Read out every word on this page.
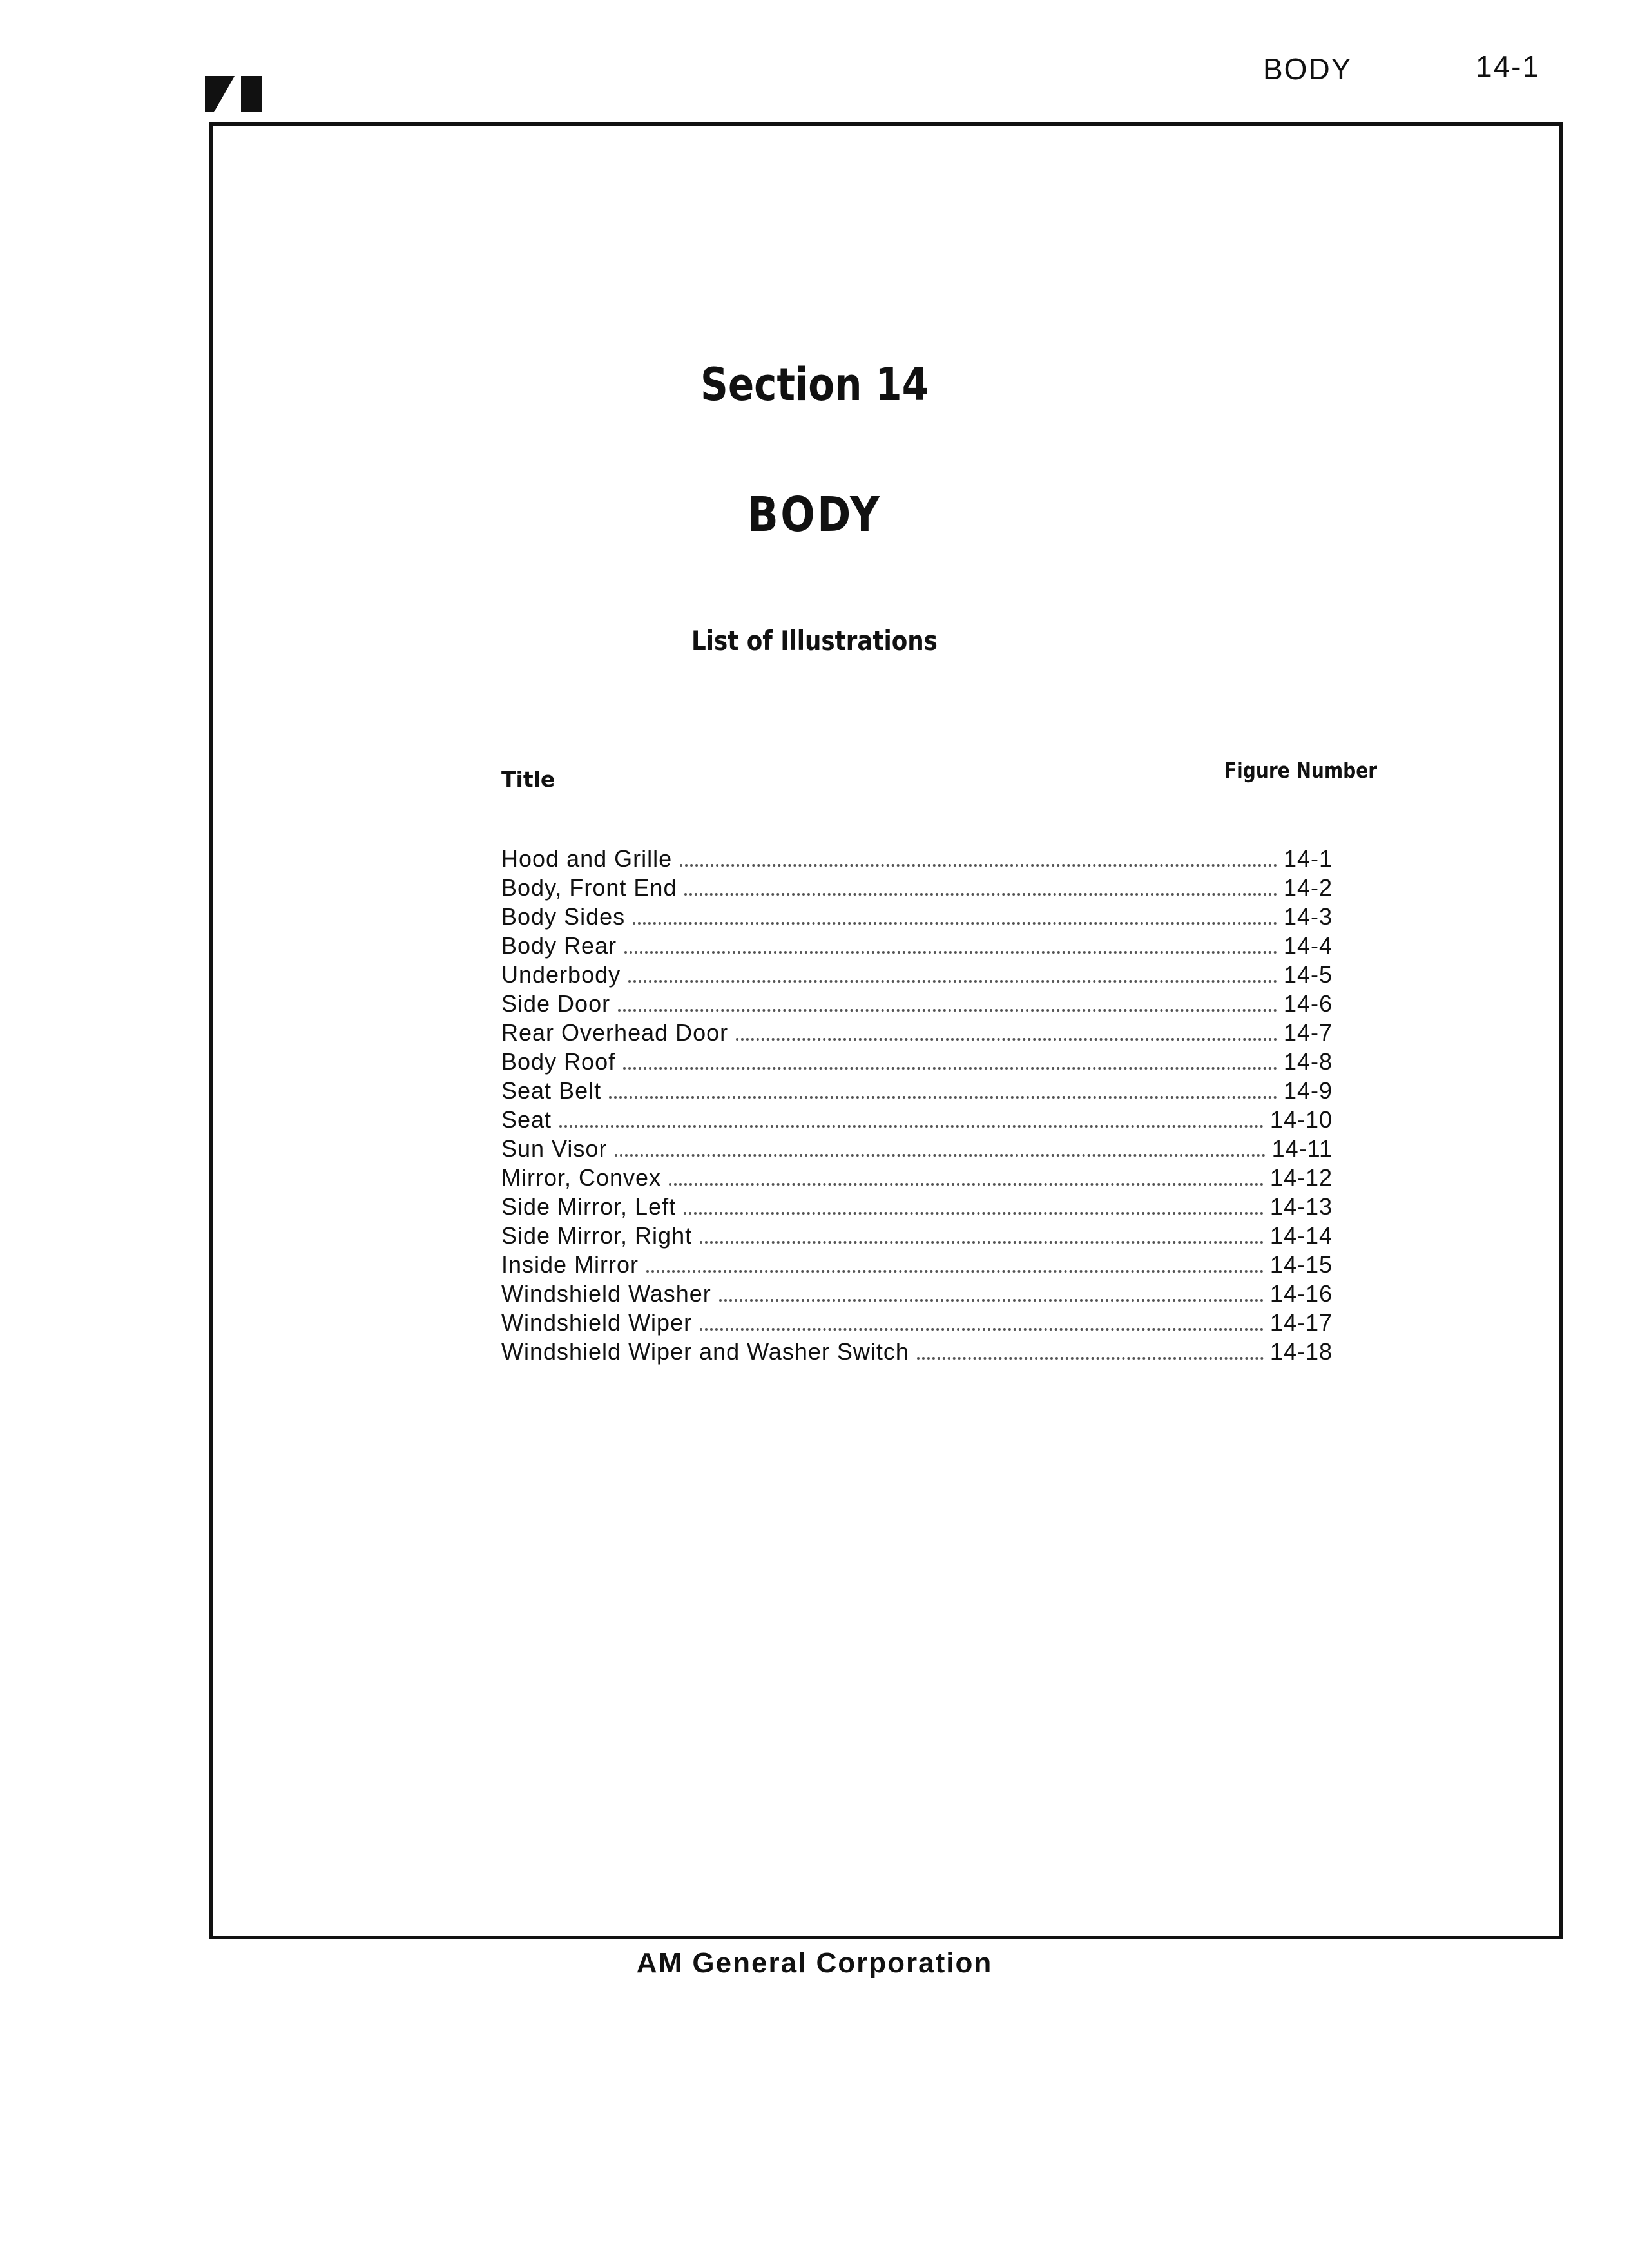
BODY	14-1
Section 14
BODY
List of Illustrations
Title	Figure Number
Hood and Grille	14-1
Body, Front End	14-2
Body Sides	14-3
Body Rear	14-4
Underbody	14-5
Side Door	14-6
Rear Overhead Door	14-7
Body Roof	14-8
Seat Belt	14-9
Seat	14-10
Sun Visor	14-11
Mirror, Convex	14-12
Side Mirror, Left	14-13
Side Mirror, Right	14-14
Inside Mirror	14-15
Windshield Washer	14-16
Windshield Wiper	14-17
Windshield Wiper and Washer Switch	14-18
AM General Corporation
